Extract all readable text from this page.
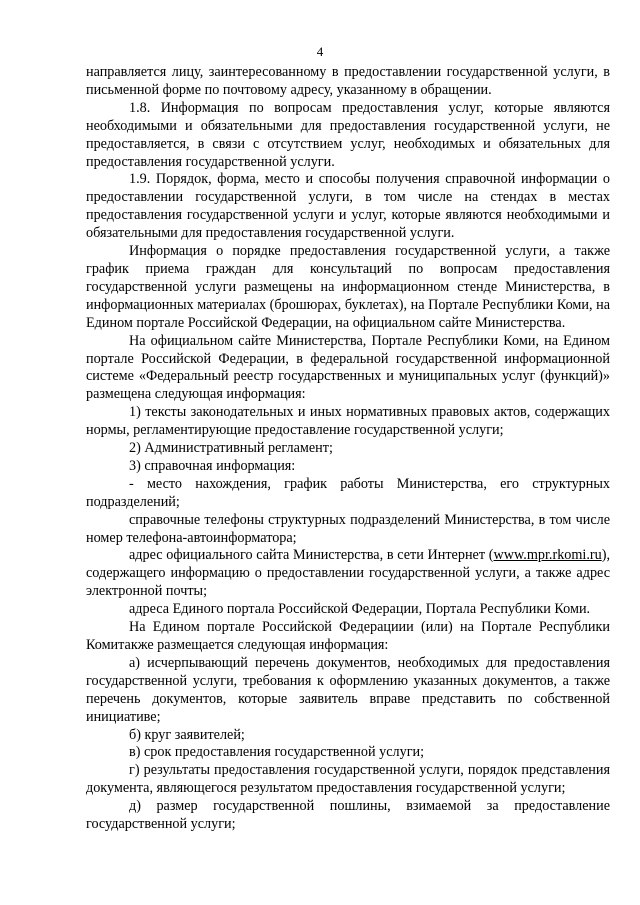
4

направляется лицу, заинтересованному в предоставлении государственной услуги, в письменной форме по почтовому адресу, указанному в обращении.

1.8. Информация по вопросам предоставления услуг, которые являются необходимыми и обязательными для предоставления государственной услуги, не предоставляется, в связи с отсутствием услуг, необходимых и обязательных для предоставления государственной услуги.

1.9. Порядок, форма, место и способы получения справочной информации о предоставлении государственной услуги, в том числе на стендах в местах предоставления государственной услуги и услуг, которые являются необходимыми и обязательными для предоставления государственной услуги.

Информация о порядке предоставления государственной услуги, а также график приема граждан для консультаций по вопросам предоставления государственной услуги размещены на информационном стенде Министерства, в информационных материалах (брошюрах, буклетах), на Портале Республики Коми, на Едином портале Российской Федерации, на официальном сайте Министерства.

На официальном сайте Министерства, Портале Республики Коми, на Едином портале Российской Федерации, в федеральной государственной информационной системе «Федеральный реестр государственных и муниципальных услуг (функций)» размещена следующая информация:

1) тексты законодательных и иных нормативных правовых актов, содержащих нормы, регламентирующие предоставление государственной услуги;

2) Административный регламент;

3) справочная информация:

- место нахождения, график работы Министерства, его структурных подразделений;

справочные телефоны структурных подразделений Министерства, в том числе номер телефона-автоинформатора;

адрес официального сайта Министерства, в сети Интернет (www.mpr.rkomi.ru), содержащего информацию о предоставлении государственной услуги, а также адрес электронной почты;

адреса Единого портала Российской Федерации, Портала Республики Коми.

На Едином портале Российской Федерациии (или) на Портале Республики Комитакже размещается следующая информация:

а) исчерпывающий перечень документов, необходимых для предоставления государственной услуги, требования к оформлению указанных документов, а также перечень документов, которые заявитель вправе представить по собственной инициативе;

б) круг заявителей;

в) срок предоставления государственной услуги;

г) результаты предоставления государственной услуги, порядок представления документа, являющегося результатом предоставления государственной услуги;

д) размер государственной пошлины, взимаемой за предоставление государственной услуги;
